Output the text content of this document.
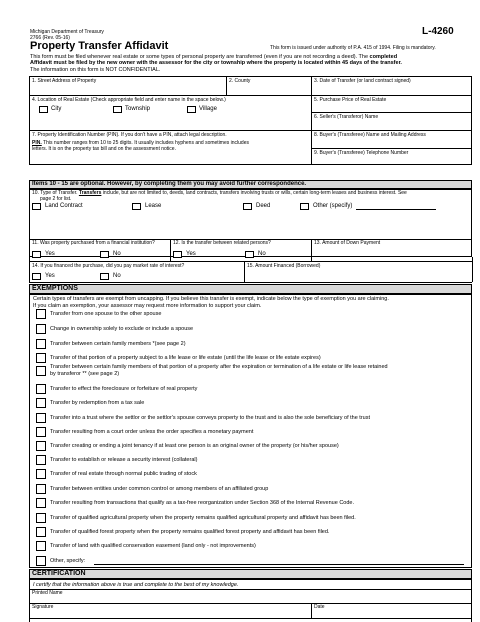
Michigan Department of Treasury
2766 (Rev. 05-16)
L-4260
Property Transfer Affidavit	This form is issued under authority of P.A. 415 of 1994. Filing is mandatory.
This form must be filed whenever real estate or some types of personal property are transferred (even if you are not recording a deed). The completed
Affidavit must be filed by the new owner with the assessor for the city or township where the property is located within 45 days of the transfer.
The information on this form is NOT CONFIDENTIAL.
1. Street Address of Property	2. County	3. Date of Transfer (or land contract signed)
4. Location of Real Estate (Check appropriate field and enter name in the space below.)
City	Township	Village
5. Purchase Price of Real Estate
6. Seller's (Transferor) Name
7. Property Identification Number (PIN). If you don't have a PIN, attach legal description.
PIN. This number ranges from 10 to 25 digits. It usually includes hyphens and sometimes includes
letters. It is on the property tax bill and on the assessment notice.
8. Buyer's (Transferee) Name and Mailing Address
9. Buyer's (Transferee) Telephone Number
Items 10 - 15 are optional. However, by completing them you may avoid further correspondence.
10. Type of Transfer. Transfers include, but are not limited to, deeds, land contracts, transfers involving trusts or wills, certain long-term leases and business interest. See
page 2 for list.
Land Contract	Lease	Deed	Other (specify)
11. Was property purchased from a financial institution?
Yes	No
12. Is the transfer between related persons?
Yes	No
13. Amount of Down Payment
14. If you financed the purchase, did you pay market rate of interest?
Yes	No
15. Amount Financed (Borrowed)
EXEMPTIONS
Certain types of transfers are exempt from uncapping. If you believe this transfer is exempt, indicate below the type of exemption you are claiming.
If you claim an exemption, your assessor may request more information to support your claim.
Transfer from one spouse to the other spouse
Change in ownership solely to exclude or include a spouse
Transfer between certain family members *(see page 2)
Transfer of that portion of a property subject to a life lease or life estate (until the life lease or life estate expires)
Transfer between certain family members of that portion of a property after the expiration or termination of a life estate or life lease retained
by transferor ** (see page 2)
Transfer to effect the foreclosure or forfeiture of real property
Transfer by redemption from a tax sale
Transfer into a trust where the settlor or the settlor's spouse conveys property to the trust and is also the sole beneficiary of the trust
Transfer resulting from a court order unless the order specifies a monetary payment
Transfer creating or ending a joint tenancy if at least one person is an original owner of the property (or his/her spouse)
Transfer to establish or release a security interest (collateral)
Transfer of real estate through normal public trading of stock
Transfer between entities under common control or among members of an affiliated group
Transfer resulting from transactions that qualify as a tax-free reorganization under Section 368 of the Internal Revenue Code.
Transfer of qualified agricultural property when the property remains qualified agricultural property and affidavit has been filed.
Transfer of qualified forest property when the property remains qualified forest property and affidavit has been filed.
Transfer of land with qualified conservation easement (land only - not improvements)
Other, specify:
CERTIFICATION
I certify that the information above is true and complete to the best of my knowledge.
Printed Name
Signature	Date
